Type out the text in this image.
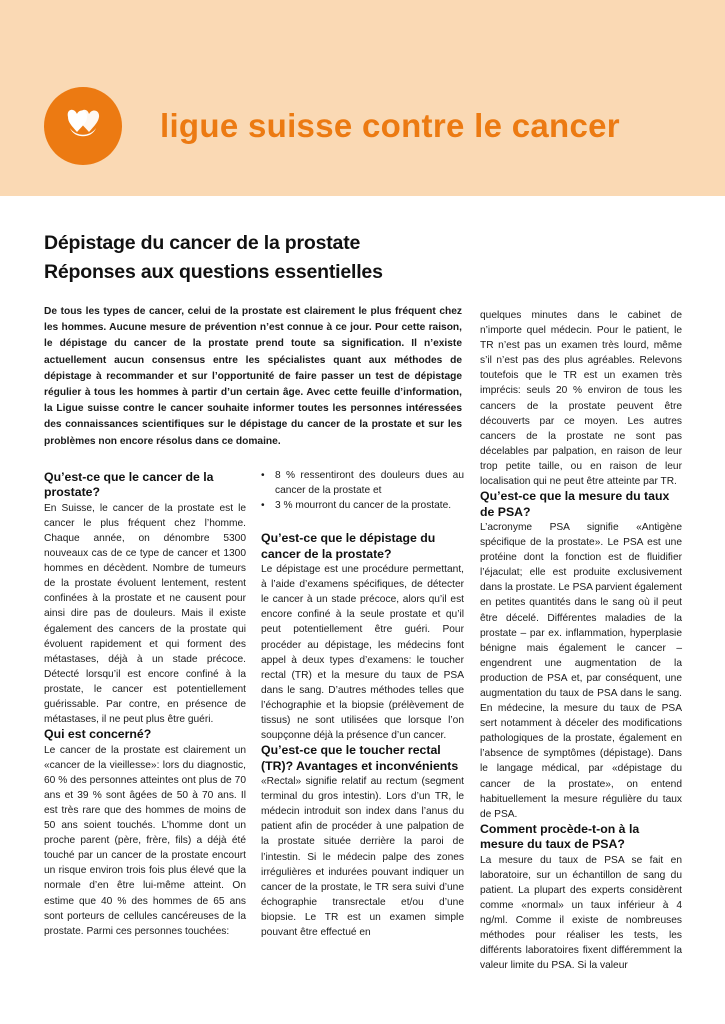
ligue suisse contre le cancer
Dépistage du cancer de la prostate
Réponses aux questions essentielles
De tous les types de cancer, celui de la prostate est clairement le plus fréquent chez les hommes. Aucune mesure de prévention n’est connue à ce jour. Pour cette raison, le dépistage du cancer de la prostate prend toute sa signification. Il n’existe actuellement aucun consensus entre les spécialistes quant aux méthodes de dépistage à recommander et sur l’opportunité de faire passer un test de dépistage régulier à tous les hommes à partir d’un certain âge. Avec cette feuille d’information, la Ligue suisse contre le cancer souhaite informer toutes les personnes intéressées des connaissances scientifiques sur le dépistage du cancer de la prostate et sur les problèmes non encore résolus dans ce domaine.
Qu’est-ce que le cancer de la prostate?

En Suisse, le cancer de la prostate est le cancer le plus fréquent chez l’homme. Chaque année, on dénombre 5300 nouveaux cas de ce type de cancer et 1300 hommes en décèdent. Nombre de tumeurs de la prostate évoluent lentement, restent confinées à la prostate et ne causent pour ainsi dire pas de douleurs. Mais il existe également des cancers de la prostate qui évoluent rapidement et qui forment des métastases, déjà à un stade précoce. Détecté lorsqu’il est encore confiné à la prostate, le cancer est potentiellement guérissable. Par contre, en présence de métastases, il ne peut plus être guéri.

Qui est concerné?

Le cancer de la prostate est clairement un «cancer de la vieillesse»: lors du diagnostic, 60 % des personnes atteintes ont plus de 70 ans et 39 % sont âgées de 50 à 70 ans. Il est très rare que des hommes de moins de 50 ans soient touchés. L’homme dont un proche parent (père, frère, fils) a déjà été touché par un cancer de la prostate encourt un risque environ trois fois plus élevé que la normale d’en être lui-même atteint. On estime que 40 % des hommes de 65 ans sont porteurs de cellules cancéreuses de la prostate. Parmi ces personnes touchées:

• 8 % ressentiront des douleurs dues au cancer de la prostate et
• 3 % mourront du cancer de la prostate.
Qu’est-ce que le dépistage du cancer de la prostate?

Le dépistage est une procédure permettant, à l’aide d’examens spécifiques, de détecter le cancer à un stade précoce, alors qu’il est encore confiné à la seule prostate et qu’il peut potentiellement être guéri. Pour procéder au dépistage, les médecins font appel à deux types d’examens: le toucher rectal (TR) et la mesure du taux de PSA dans le sang. D’autres méthodes telles que l’échographie et la biopsie (prélèvement de tissus) ne sont utilisées que lorsque l’on soupçonne déjà la présence d’un cancer.

Qu’est-ce que le toucher rectal (TR)? Avantages et inconvénients

«Rectal» signifie relatif au rectum (segment terminal du gros intestin). Lors d’un TR, le médecin introduit son index dans l’anus du patient afin de procéder à une palpation de la prostate située derrière la paroi de l’intestin. Si le médecin palpe des zones irrégulières et indurées pouvant indiquer un cancer de la prostate, le TR sera suivi d’une échographie transrectale et/ou d’une biopsie. Le TR est un examen simple pouvant être effectué en

quelques minutes dans le cabinet de n’importe quel médecin. Pour le patient, le TR n’est pas un examen très lourd, même s’il n’est pas des plus agréables. Relevons toutefois que le TR est un examen très imprécis: seuls 20 % environ de tous les cancers de la prostate peuvent être découverts par ce moyen. Les autres cancers de la prostate ne sont pas décelables par palpation, en raison de leur trop petite taille, ou en raison de leur localisation qui ne peut être atteinte par TR.

Qu’est-ce que la mesure du taux de PSA?

L’acronyme PSA signifie «Antigène spécifique de la prostate». Le PSA est une protéine dont la fonction est de fluidifier l’éjaculat; elle est produite exclusivement dans la prostate. Le PSA parvient également en petites quantités dans le sang où il peut être décelé. Différentes maladies de la prostate – par ex. inflammation, hyperplasie bénigne mais également le cancer – engendrent une augmentation de la production de PSA et, par conséquent, une augmentation du taux de PSA dans le sang. En médecine, la mesure du taux de PSA sert notamment à déceler des modifications pathologiques de la prostate, également en l’absence de symptômes (dépistage). Dans le langage médical, par «dépistage du cancer de la prostate», on entend habituellement la mesure régulière du taux de PSA.

Comment procède-t-on à la mesure du taux de PSA?

La mesure du taux de PSA se fait en laboratoire, sur un échantillon de sang du patient. La plupart des experts considèrent comme «normal» un taux inférieur à 4 ng/ml. Comme il existe de nombreuses méthodes pour réaliser les tests, les différents laboratoires fixent différemment la valeur limite du PSA. Si la valeur
